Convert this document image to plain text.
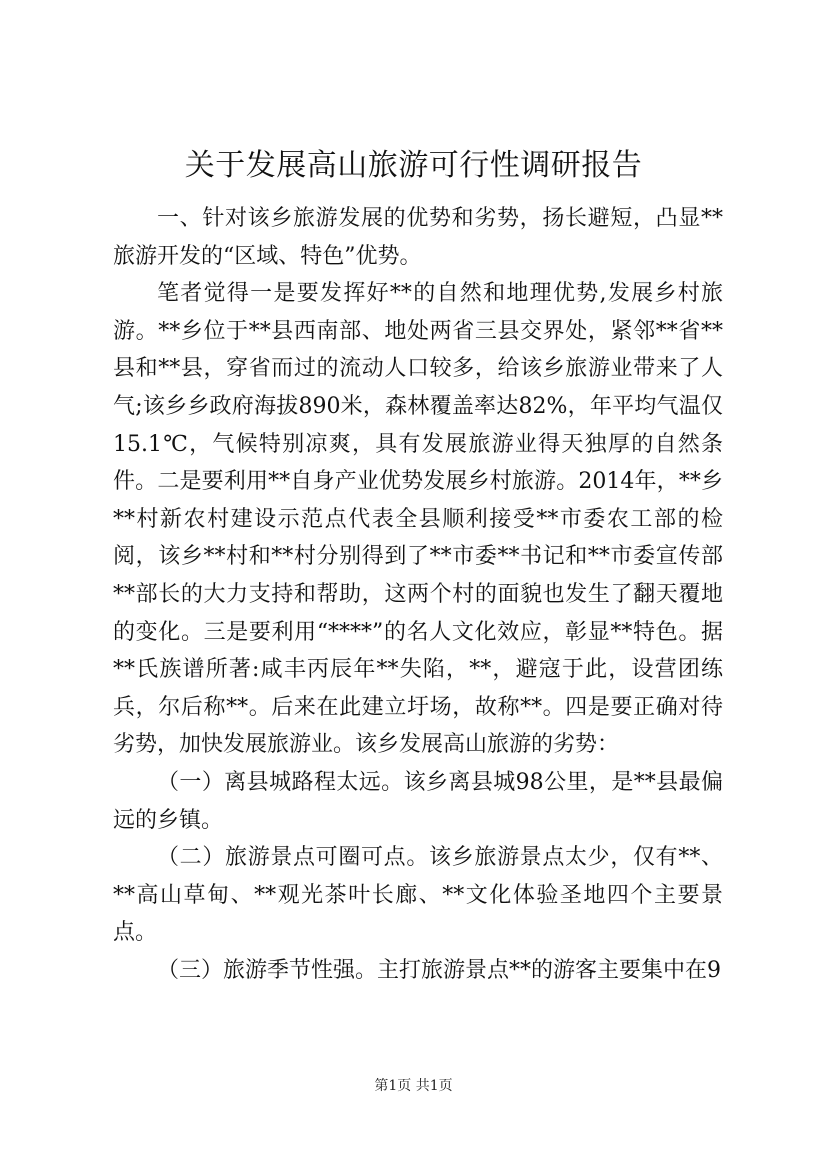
关于发展高山旅游可行性调研报告

一、针对该乡旅游发展的优势和劣势，扬长避短，凸显**旅游开发的“区域、特色”优势。

笔者觉得一是要发挥好**的自然和地理优势,发展乡村旅游。**乡位于**县西南部、地处两省三县交界处，紧邻**省**县和**县，穿省而过的流动人口较多，给该乡旅游业带来了人气;该乡乡政府海拔890米，森林覆盖率达82%，年平均气温仅15.1℃，气候特别凉爽，具有发展旅游业得天独厚的自然条件。二是要利用**自身产业优势发展乡村旅游。2014年，**乡**村新农村建设示范点代表全县顺利接受**市委农工部的检阅，该乡**村和**村分别得到了**市委**书记和**市委宣传部**部长的大力支持和帮助，这两个村的面貌也发生了翻天覆地的变化。三是要利用“****”的名人文化效应，彰显**特色。据**氏族谱所著:咸丰丙辰年**失陷，**，避寇于此，设营团练兵，尔后称**。后来在此建立圩场，故称**。四是要正确对待劣势，加快发展旅游业。该乡发展高山旅游的劣势：

（一）离县城路程太远。该乡离县城98公里，是**县最偏远的乡镇。

（二）旅游景点可圈可点。该乡旅游景点太少，仅有**、**高山草甸、**观光茶叶长廊、**文化体验圣地四个主要景点。

（三）旅游季节性强。主打旅游景点**的游客主要集中在9

第1页 共1页
